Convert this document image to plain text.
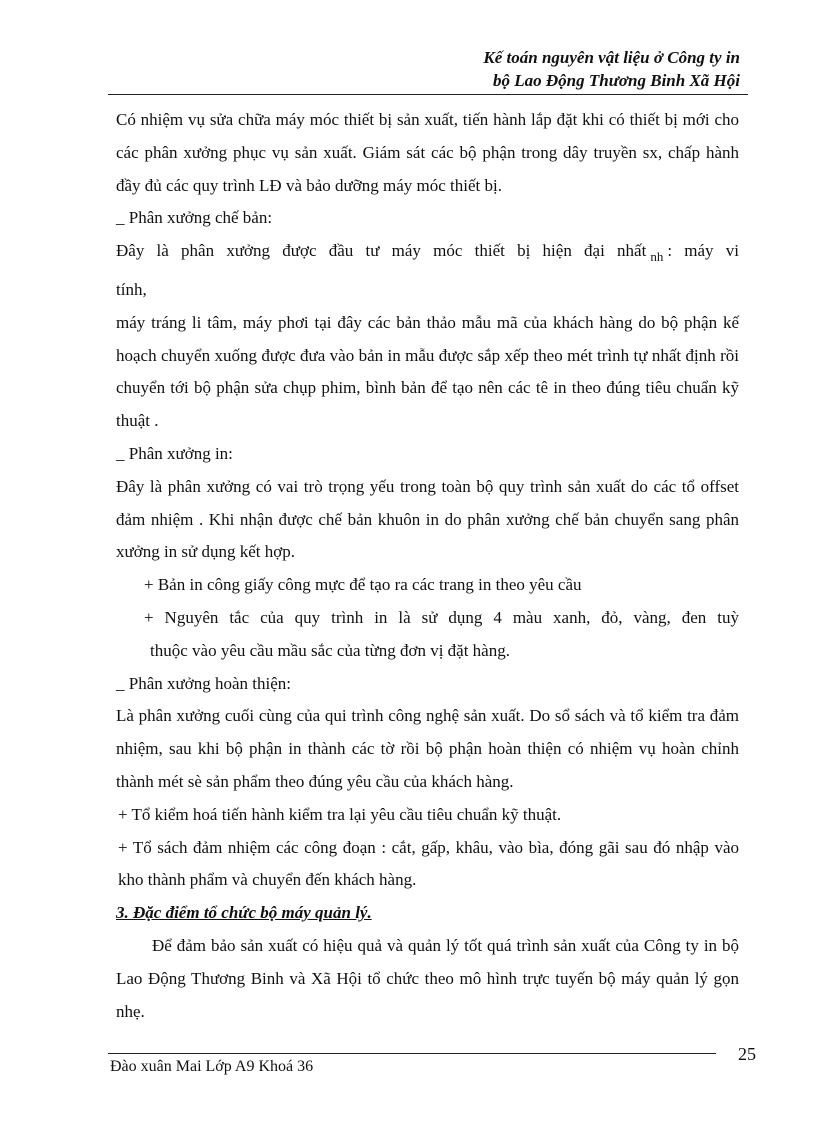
Kế toán nguyên vật liệu ở Công ty in
bộ Lao Động Thương Binh Xã Hội

Có nhiệm vụ sửa chữa máy móc thiết bị sản xuất, tiến hành lắp đặt khi có thiết bị mới cho các phân xưởng phục vụ sản xuất. Giám sát các bộ phận trong dây truyền sx, chấp hành đầy đủ các quy trình LĐ và bảo dưỡng máy móc thiết bị.

_ Phân xưởng chế bản:

Đây là phân xưởng được đầu tư máy móc thiết bị hiện đại nhất $_{nh}$ : máy vi

tính,

máy tráng li tâm, máy phơi tại đây các bản thảo mẫu mã của khách hàng do bộ phận kế hoạch chuyển xuống được đưa vào bản in mẫu được sắp xếp theo mét trình tự nhất định rồi chuyển tới bộ phận sửa chụp phim, bình bản để tạo nên các tê in theo đúng tiêu chuẩn kỹ thuật .

_ Phân xưởng in:

Đây là phân xưởng có vai trò trọng yếu trong toàn bộ quy trình sản xuất do các tổ offset đảm nhiệm . Khi nhận được chế bản khuôn in do phân xưởng chế bản chuyển sang phân xưởng in sử dụng kết hợp.

+ Bản in công giấy công mực để tạo ra các trang in theo yêu cầu

+ Nguyên tắc của quy trình in là sử dụng 4 màu xanh, đỏ, vàng, đen tuỳ

thuộc vào yêu cầu mầu sắc của từng đơn vị đặt hàng.

_ Phân xưởng hoàn thiện:

Là phân xưởng cuối cùng của qui trình công nghệ sản xuất. Do sổ sách và tổ kiểm tra đảm nhiệm, sau khi bộ phận in thành các tờ rồi bộ phận hoàn thiện có nhiệm vụ hoàn chỉnh thành mét sè sản phẩm theo đúng yêu cầu của khách hàng.

+ Tổ kiểm hoá tiến hành kiểm tra lại yêu cầu tiêu chuẩn kỹ thuật.

+ Tổ sách đảm nhiệm các công đoạn : cắt, gấp, khâu, vào bìa, đóng gãi sau đó nhập vào kho thành phẩm và chuyển đến khách hàng.

3. Đặc điểm tổ chức bộ máy quản lý.

Để đảm bảo sản xuất có hiệu quả và quản lý tốt quá trình sản xuất của Công ty in bộ Lao Động Thương Binh và Xã Hội tổ chức theo mô hình trực tuyến bộ máy quản lý gọn nhẹ.

Đào xuân Mai Lớp A9 Khoá 36
25
